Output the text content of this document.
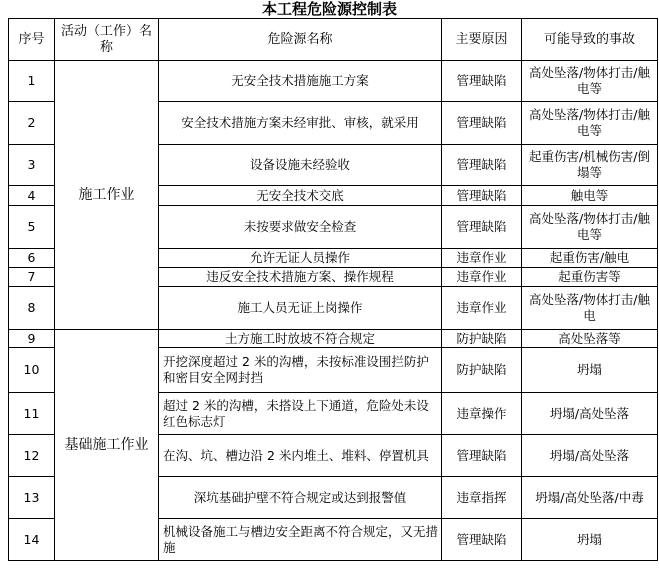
本工程危险源控制表
序号	活动（工作）名称	危险源名称	主要原因	可能导致的事故
1	施工作业	无安全技术措施施工方案	管理缺陷	高处坠落/物体打击/触电等
2		安全技术措施方案未经审批、审核，就采用	管理缺陷	高处坠落/物体打击/触电等
3		设备设施未经验收	管理缺陷	起重伤害/机械伤害/倒塌等
4		无安全技术交底	管理缺陷	触电等
5		未按要求做安全检查	管理缺陷	高处坠落/物体打击/触电等
6		允许无证人员操作	违章作业	起重伤害/触电
7		违反安全技术措施方案、操作规程	违章作业	起重伤害等
8		施工人员无证上岗操作	违章作业	高处坠落/物体打击/触电
9	基础施工作业	土方施工时放坡不符合规定	防护缺陷	高处坠落等
10		开挖深度超过 2 米的沟槽，未按标准设围拦防护和密目安全网封挡	防护缺陷	坍塌
11		超过 2 米的沟槽，未搭设上下通道，危险处未设红色标志灯	违章操作	坍塌/高处坠落
12		在沟、坑、槽边沿 2 米内堆土、堆料、停置机具	管理缺陷	坍塌/高处坠落
13		深坑基础护壁不符合规定或达到报警值	违章指挥	坍塌/高处坠落/中毒
14		机械设备施工与槽边安全距离不符合规定，又无措施	管理缺陷	坍塌
